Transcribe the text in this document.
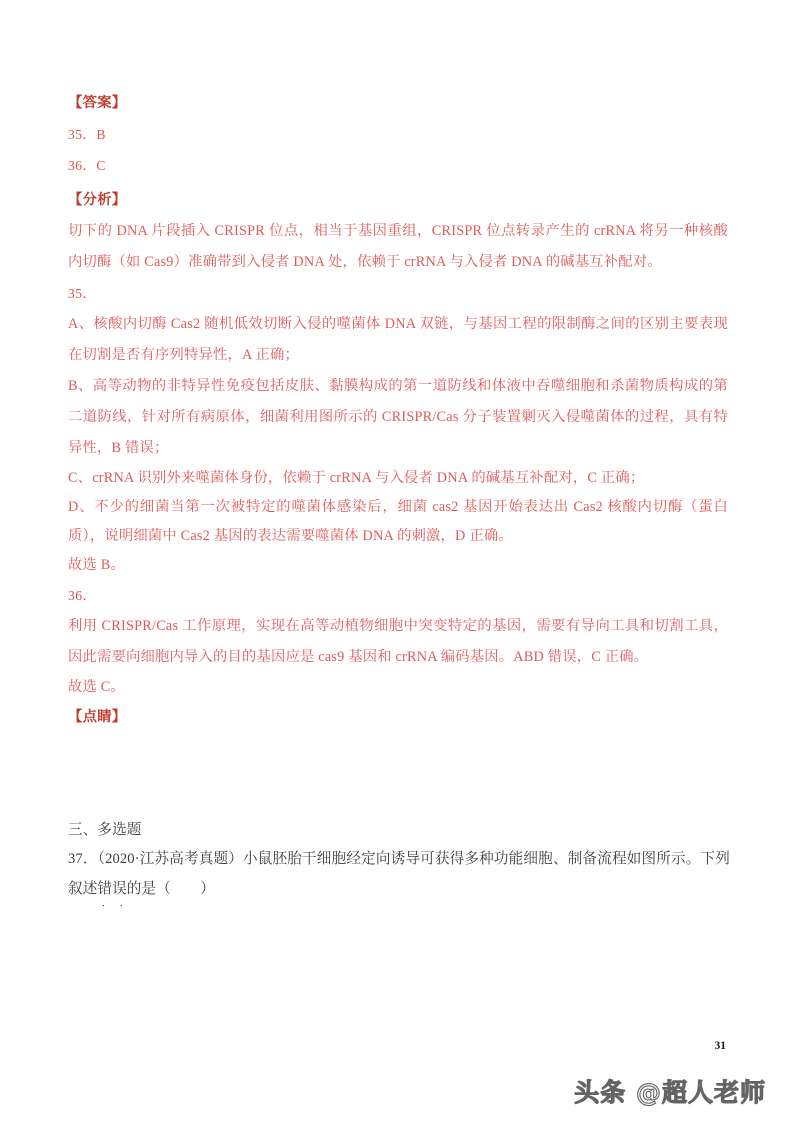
【答案】

35．B

36．C

【分析】

切下的 DNA 片段插入 CRISPR 位点，相当于基因重组，CRISPR 位点转录产生的 crRNA 将另一种核酸内切酶（如 Cas9）准确带到入侵者 DNA 处，依赖于 crRNA 与入侵者 DNA 的碱基互补配对。

35．

A、核酸内切酶 Cas2 随机低效切断入侵的噬菌体 DNA 双链，与基因工程的限制酶之间的区别主要表现在切割是否有序列特异性，A 正确；

B、高等动物的非特异性免疫包括皮肤、黏膜构成的第一道防线和体液中吞噬细胞和杀菌物质构成的第二道防线，针对所有病原体，细菌利用图所示的 CRISPR/Cas 分子装置剿灭入侵噬菌体的过程，具有特异性，B 错误；

C、crRNA 识别外来噬菌体身份，依赖于 crRNA 与入侵者 DNA 的碱基互补配对，C 正确；

D、不少的细菌当第一次被特定的噬菌体感染后，细菌 cas2 基因开始表达出 Cas2 核酸内切酶（蛋白质），说明细菌中 Cas2 基因的表达需要噬菌体 DNA 的刺激，D 正确。

故选 B。

36．

利用 CRISPR/Cas 工作原理，实现在高等动植物细胞中突变特定的基因，需要有导向工具和切割工具，因此需要向细胞内导入的目的基因应是 cas9 基因和 crRNA 编码基因。ABD 错误，C 正确。

故选 C。

【点睛】

三、多选题

37．（2020·江苏高考真题）小鼠胚胎干细胞经定向诱导可获得多种功能细胞、制备流程如图所示。下列叙述错误 ﹒﹒的是（　　）

31
头条 @超人老师
